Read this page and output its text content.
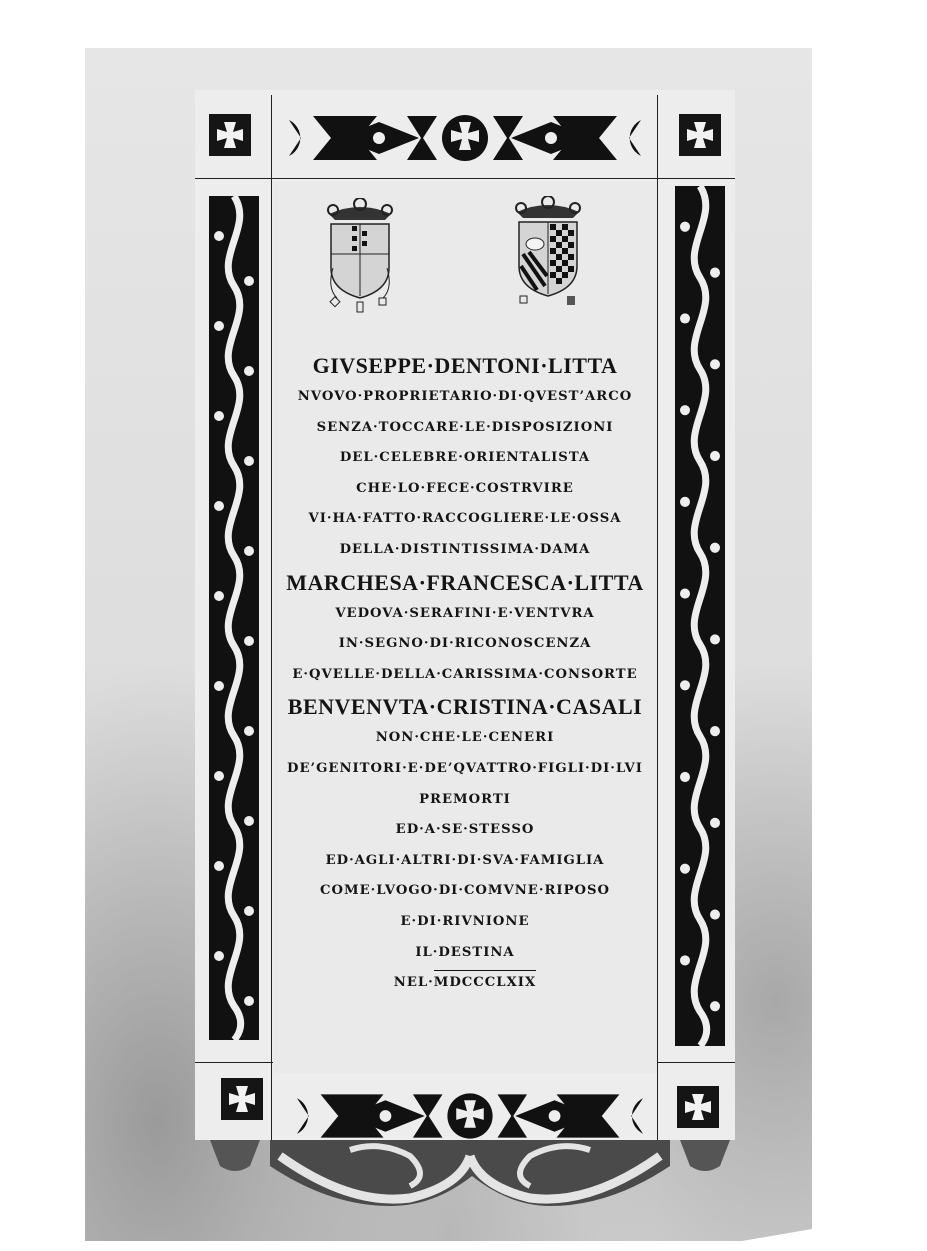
GIVSEPPE·DENTONI·LITTA
NVOVO·PROPRIETARIO·DI·QVEST’ARCO
SENZA·TOCCARE·LE·DISPOSIZIONI
DEL·CELEBRE·ORIENTALISTA
CHE·LO·FECE·COSTRVIRE
VI·HA·FATTO·RACCOGLIERE·LE·OSSA
DELLA·DISTINTISSIMA·DAMA
MARCHESA·FRANCESCA·LITTA
VEDOVA·SERAFINI·E·VENTVRA
IN·SEGNO·DI·RICONOSCENZA
E·QVELLE·DELLA·CARISSIMA·CONSORTE
BENVENVTA·CRISTINA·CASALI
NON·CHE·LE·CENERI
DE’GENITORI·E·DE’QVATTRO·FIGLI·DI·LVI
PREMORTI
ED·A·SE·STESSO
ED·AGLI·ALTRI·DI·SVA·FAMIGLIA
COME·LVOGO·DI·COMVNE·RIPOSO
E·DI·RIVNIONE
IL·DESTINA
NEL·
MDCCCLXIX
